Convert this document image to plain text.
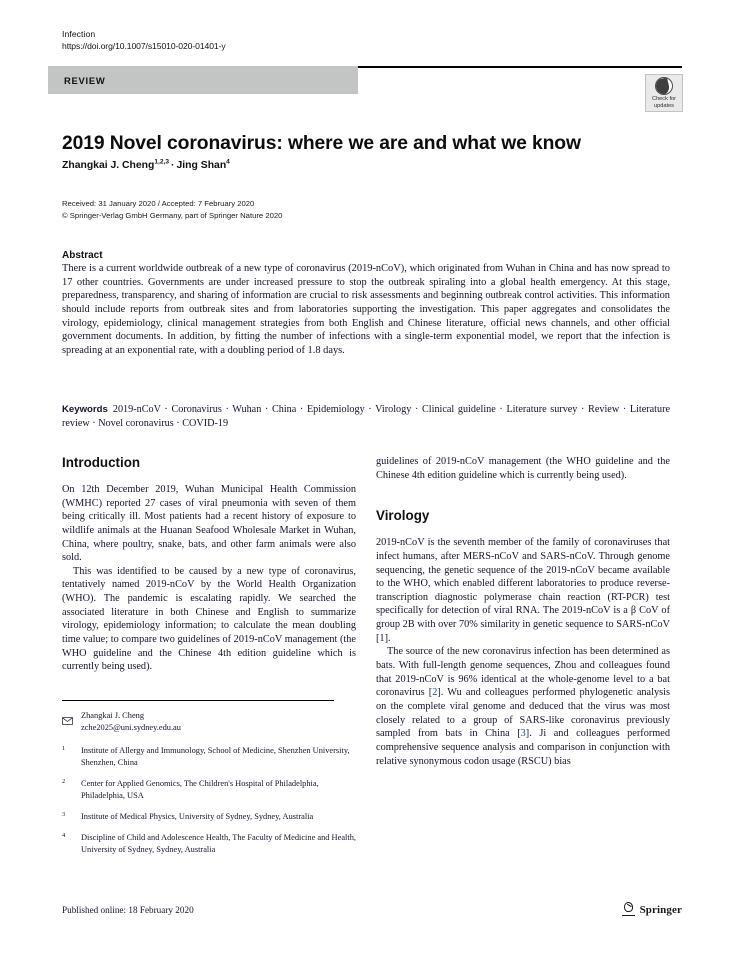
Infection
https://doi.org/10.1007/s15010-020-01401-y
REVIEW
Check for
updates
2019 Novel coronavirus: where we are and what we know
Zhangkai J. Cheng$^{1,2,3}$ · Jing Shan$^4$
Received: 31 January 2020 / Accepted: 7 February 2020
© Springer-Verlag GmbH Germany, part of Springer Nature 2020
Abstract

There is a current worldwide outbreak of a new type of coronavirus (2019-nCoV), which originated from Wuhan in China and has now spread to 17 other countries. Governments are under increased pressure to stop the outbreak spiraling into a global health emergency. At this stage, preparedness, transparency, and sharing of information are crucial to risk assessments and beginning outbreak control activities. This information should include reports from outbreak sites and from laboratories supporting the investigation. This paper aggregates and consolidates the virology, epidemiology, clinical management strategies from both English and Chinese literature, official news channels, and other official government documents. In addition, by fitting the number of infections with a single-term exponential model, we report that the infection is spreading at an exponential rate, with a doubling period of 1.8 days.

Keywords 2019-nCoV · Coronavirus · Wuhan · China · Epidemiology · Virology · Clinical guideline · Literature survey · Review · Literature review · Novel coronavirus · COVID-19
Introduction

On 12th December 2019, Wuhan Municipal Health Commission (WMHC) reported 27 cases of viral pneumonia with seven of them being critically ill. Most patients had a recent history of exposure to wildlife animals at the Huanan Seafood Wholesale Market in Wuhan, China, where poultry, snake, bats, and other farm animals were also sold.

This was identified to be caused by a new type of coronavirus, tentatively named 2019-nCoV by the World Health Organization (WHO). The pandemic is escalating rapidly. We searched the associated literature in both Chinese and English to summarize virology, epidemiology information; to calculate the mean doubling time value; to compare two guidelines of 2019-nCoV management (the WHO guideline and the Chinese 4th edition guideline which is currently being used).

guidelines of 2019-nCoV management (the WHO guideline and the Chinese 4th edition guideline which is currently being used).

Virology

2019-nCoV is the seventh member of the family of coronaviruses that infect humans, after MERS-nCoV and SARS-nCoV. Through genome sequencing, the genetic sequence of the 2019-nCoV became available to the WHO, which enabled different laboratories to produce reverse-transcription diagnostic polymerase chain reaction (RT-PCR) test specifically for detection of viral RNA. The 2019-nCoV is a β CoV of group 2B with over 70% similarity in genetic sequence to SARS-nCoV [1].

The source of the new coronavirus infection has been determined as bats. With full-length genome sequences, Zhou and colleagues found that 2019-nCoV is 96% identical at the whole-genome level to a bat coronavirus [2]. Wu and colleagues performed phylogenetic analysis on the complete viral genome and deduced that the virus was most closely related to a group of SARS-like coronavirus previously sampled from bats in China [3]. Ji and colleagues performed comprehensive sequence analysis and comparison in conjunction with relative synonymous codon usage (RSCU) bias

Zhangkai J. Cheng
zche2025@uni.sydney.edu.au
1	Institute of Allergy and Immunology, School of Medicine, Shenzhen University, Shenzhen, China
2	Center for Applied Genomics, The Children's Hospital of Philadelphia, Philadelphia, USA
3	Institute of Medical Physics, University of Sydney, Sydney, Australia
4	Discipline of Child and Adolescence Health, The Faculty of Medicine and Health, University of Sydney, Sydney, Australia
Published online: 18 February 2020	Springer
